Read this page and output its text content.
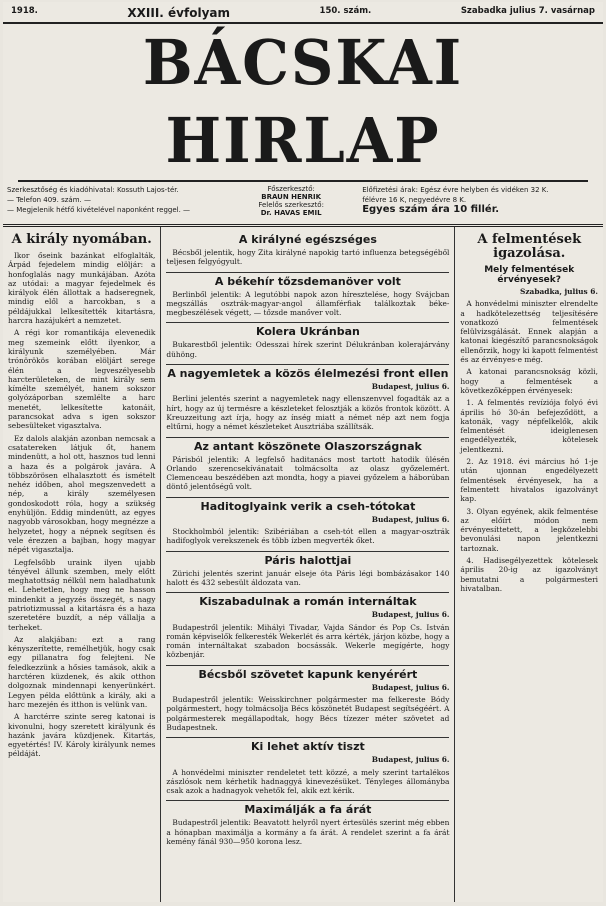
1918.	XXIII. évfolyam	150. szám.	Szabadka julius 7. vasárnap
BÁCSKAI HIRLAP
Szerkesztőség és kiadóhivatal: Kossuth Lajos-tér.
— Telefon 409. szám. —
— Megjelenik hétfő kivételével naponként reggel. —
Főszerkesztő:
BRAUN HENRIK
Felelős szerkesztő:
Dr. HAVAS EMIL
Előfizetési árak: Egész évre helyben és vidéken 32 K.
félévre 16 K, negyedévre 8 K.
Egyes szám ára 10 fillér.
A király nyomában.

Ikor őseink bazánkat elfoglalták, Árpád fejedelem mindig elöljár: a honfoglalás nagy munkájában. Azóta az utódai: a magyar fejedelmek és királyok élén állottak a hadseregnek, mindig elől a harcokban, s a példájukkal lelkesítették kitartásra, harcra hazájukért a nemzetet.

A régi kor romantikája elevenedik meg szemeink előtt ilyenkor, a királyunk személyében. Már trónörökös korában elöljárt serege élén a legveszélyesebb harcterületeken, de mint király sem kímélte személyét, hanem sokszor golyózáporban szemlélte a harc menetét, lelkesítette katonáit, parancsokat adva s igen sokszor sebesülteket vigasztalva.

Ez dalols alakján azonban nemcsak a csatatereken látjuk őt, hanem mindenütt, a hol ott, hasznos tud lenni a haza és a polgárok javára. A többszörösen elhalasztott és ismételt nehéz időben, ahol megszenvedett a nép, a király személyesen gondoskodott róla, hogy a szükség enyhüljön. Eddig mindenütt, az egyes nagyobb városokban, hogy megnézze a helyzetet, hogy a népnek segítsen és vele érezzen a bajban, hogy magyar népét vigasztalja.

Legfelsőbb uraink ilyen ujabb tényével állunk szemben, mely előtt meghatottság nélkül nem haladhatunk el. Lehetetlen, hogy meg ne hasson mindenkit a jegyzés összegét, s nagy patriotizmussal a kitartásra és a haza szeretetére buzdít, a nép vállalja a terheket.

Az alakjában: ezt a rang kényszerítette, remélhetjük, hogy csak egy pillanatra fog felejteni. Ne feledkezzünk a hősies tamások, akik a harctéren küzdenek, és akik otthon dolgoznak mindennapi kenyerünkért. Legyen példa előttünk a király, aki a harc mezején és itthon is velünk van.

A harctérre szinte sereg katonai is kivonulni, hogy szeretett királyunk és hazánk javára küzdjenek. Kitartás, egyetértés! IV. Károly királyunk nemes példáját.

A királyné egészséges

Bécsből jelentik, hogy Zita királyné napokig tartó influenza betegségéből teljesen felgyógyult.

A békehír tőzsdemanöver volt

Berlinből jelentik: A legutóbbi napok azon híresztelése, hogy Svájcban megszállás osztrák-magyar-angol államférfiak találkoztak béke-megbeszélések végett, — tőzsde manőver volt.

Kolera Ukránban

Bukarestből jelentik: Odesszai hírek szerint Délukránban kolerajárvány dühöng.

A nagyemletek a közös élelmezési front ellen

Budapest, julius 6.

Berlini jelentés szerint a nagyemletek nagy ellenszenvvel fogadták az a hírt, hogy az új termésre a készleteket felosztják a közös frontok között. A Kreuzzeitung azt írja, hogy az ínség miatt a német nép azt nem fogja eltűrni, hogy a német készleteket Ausztriába szállítsák.

Az antant köszönete Olaszországnak

Párisból jelentik: A legfelső haditanács most tartott hatodik ülésén Orlando szerencsekívánatait tolmácsolta az olasz győzelemért. Clemenceau beszédében azt mondta, hogy a piavei győzelem a háborúban döntő jelentőségű volt.

Haditoglyaink verik a cseh-tótokat

Budapest, julius 6.

Stockholmból jelentik: Szibériában a cseh-tót ellen a magyar-osztrák hadifoglyok verekszenek és több ízben megverték őket.

Páris halottjai

Zürichi jelentés szerint január elseje óta Páris légi bombázásakor 140 halott és 432 sebesült áldozata van.

Kiszabadulnak a román internáltak

Budapest, julius 6.

Budapestről jelentik: Mihályi Tivadar, Vajda Sándor és Pop Cs. István román képviselők felkeresték Wekerlét és arra kérték, járjon közbe, hogy a román internáltakat szabadon bocsássák. Wekerle megígérte, hogy közbenjár.

Bécsből szövetet kapunk kenyérért

Budapest, julius 6.

Budapestről jelentik: Weisskirchner polgármester ma felkereste Bódy polgármestert, hogy tolmácsolja Bécs köszönetét Budapest segítségéért. A polgármesterek megállapodtak, hogy Bécs tízezer méter szövetet ad Budapestnek.

Ki lehet aktív tiszt

Budapest, julius 6.

A honvédelmi miniszter rendeletet tett közzé, a mely szerint tartalékos zászlósok nem kérhetik hadnaggyá kinevezésüket. Tényleges állományba csak azok a hadnagyok vehetők fel, akik ezt kérik.

Maximálják a fa árát

Budapestről jelentik: Beavatott helyről nyert értesülés szerint még ebben a hónapban maximálja a kormány a fa árát. A rendelet szerint a fa árát kemény fánál 930—950 korona lesz.

A felmentések igazolása.
Mely felmentések érvényesek?

Szabadka, julius 6.

A honvédelmi miniszter elrendelte a hadkötelezettség teljesítésére vonatkozó felmentések felülvizsgálását. Ennek alapján a katonai kiegészítő parancsnokságok ellenőrzik, hogy ki kapott felmentést és az érvényes-e még.

A katonai parancsnokság közli, hogy a felmentések a következőképpen érvényesek:

1. A felmentés revíziója folyó évi április hó 30-án befejeződött, a katonák, vagy népfelkelők, akik felmentését ideiglenesen engedélyezték, kötelesek jelentkezni.

2. Az 1918. évi március hó 1-je után ujonnan engedélyezett felmentések érvényesek, ha a felmentett hivatalos igazolványt kap.

3. Olyan egyének, akik felmentése az előírt módon nem érvényesíttetett, a legközelebbi bevonulási napon jelentkezni tartoznak.

4. Hadisegélyezettek kötelesek április 20-ig az igazolványt bemutatni a polgármesteri hivatalban.
